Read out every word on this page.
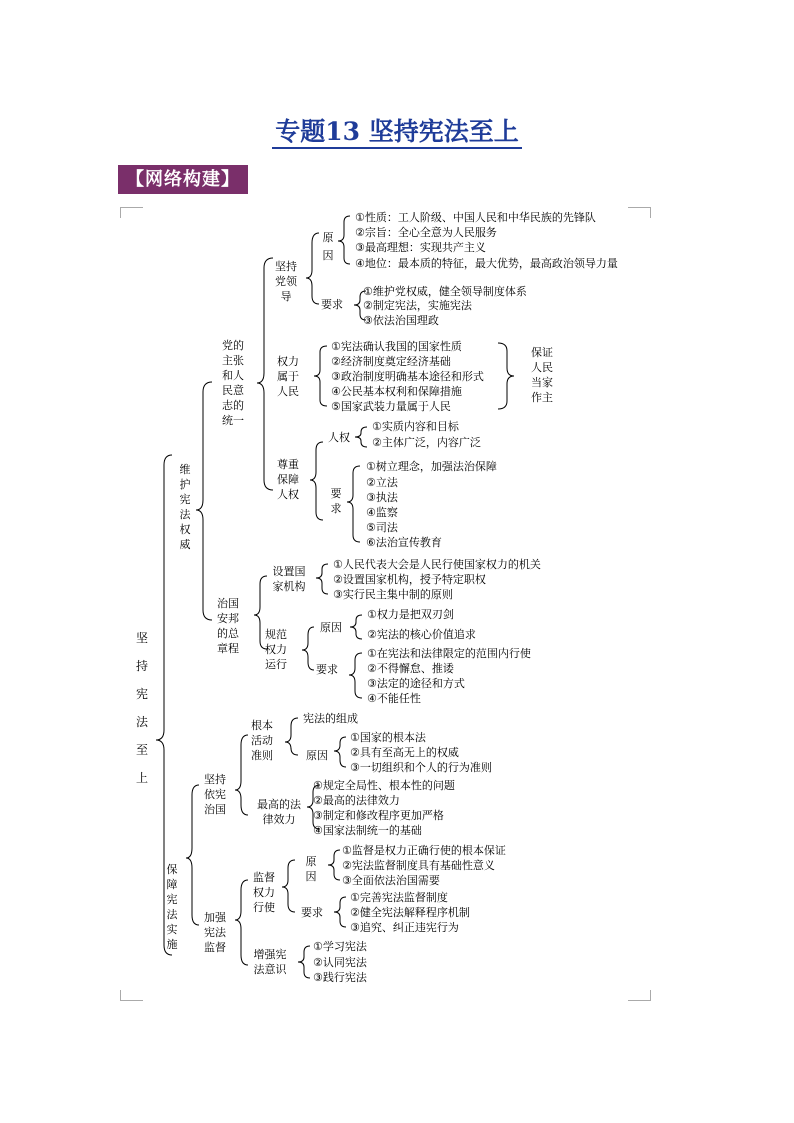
专题13 坚持宪法至上
【网络构建】
坚
持
宪
法
至
上
维
护
宪
法
权
威
党的
主张
和人
民意
志的
统一
坚持
党领
导
原
因
①性质：工人阶级、中国人民和中华民族的先锋队
②宗旨：全心全意为人民服务
③最高理想：实现共产主义
④地位：最本质的特征，最大优势，最高政治领导力量
要求
①维护党权威，健全领导制度体系
②制定宪法，实施宪法
③依法治国理政
权力
属于
人民
①宪法确认我国的国家性质
②经济制度奠定经济基础
③政治制度明确基本途径和形式
④公民基本权利和保障措施
⑤国家武装力量属于人民
保证
人民
当家
作主
尊重
保障
人权
人权
①实质内容和目标
②主体广泛，内容广泛
要
求
①树立理念，加强法治保障
②立法
③执法
④监察
⑤司法
⑥法治宣传教育
治国
安邦
的总
章程
设置国
家机构
①人民代表大会是人民行使国家权力的机关
②设置国家机构，授予特定职权
③实行民主集中制的原则
规范
权力
运行
原因
①权力是把双刃剑
②宪法的核心价值追求
要求
①在宪法和法律限定的范围内行使
②不得懈怠、推诿
③法定的途径和方式
④不能任性
保
障
宪
法
实
施
坚持
依宪
治国
根本
活动
准则
宪法的组成
原因
①国家的根本法
②具有至高无上的权威
③一切组织和个人的行为准则
最高的法
律效力
①规定全局性、根本性的问题
②最高的法律效力
③制定和修改程序更加严格
④国家法制统一的基础
加强
宪法
监督
监督
权力
行使
原
因
①监督是权力正确行使的根本保证
②宪法监督制度具有基础性意义
③全面依法治国需要
要求
①完善宪法监督制度
②健全宪法解释程序机制
③追究、纠正违宪行为
增强宪
法意识
①学习宪法
②认同宪法
③践行宪法
